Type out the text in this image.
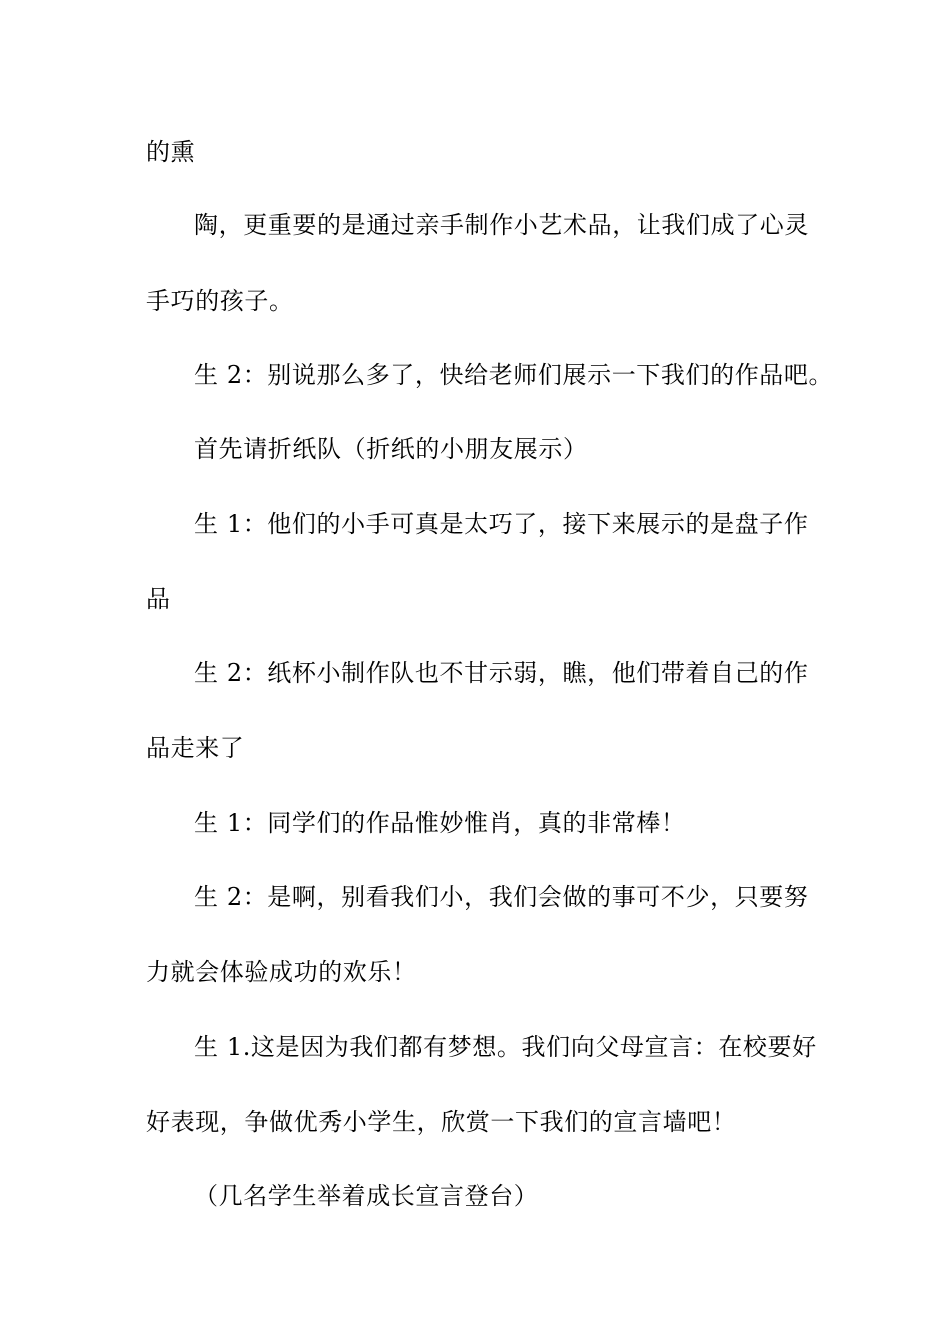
的熏
陶，更重要的是通过亲手制作小艺术品，让我们成了心灵
手巧的孩子。
生 2：别说那么多了，快给老师们展示一下我们的作品吧。
首先请折纸队（折纸的小朋友展示）
生 1：他们的小手可真是太巧了，接下来展示的是盘子作
品
生 2：纸杯小制作队也不甘示弱，瞧，他们带着自己的作
品走来了
生 1：同学们的作品惟妙惟肖，真的非常棒！
生 2：是啊，别看我们小，我们会做的事可不少，只要努
力就会体验成功的欢乐！
生 1.这是因为我们都有梦想。我们向父母宣言：在校要好
好表现，争做优秀小学生，欣赏一下我们的宣言墙吧！
（几名学生举着成长宣言登台）
